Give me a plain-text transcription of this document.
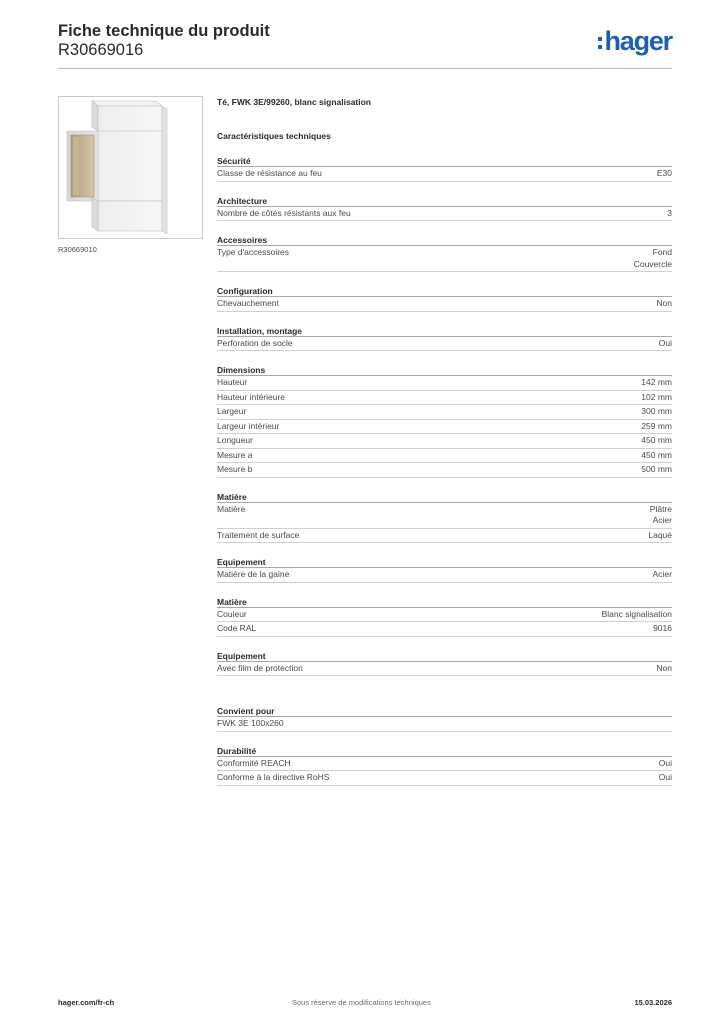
Fiche technique du produit
R30669016	hager
R30669010
Té, FWK 3E/99260, blanc signalisation
Caractéristiques techniques
Sécurité
Classe de résistance au feu	E30
Architecture
Nombre de côtés résistants aux feu	3
Accessoires
Type d'accessoires	Fond
Couvercle
Configuration
Chevauchement	Non
Installation, montage
Perforation de socle	Oui
Dimensions
Hauteur	142 mm
Hauteur intérieure	102 mm
Largeur	300 mm
Largeur intérieur	259 mm
Longueur	450 mm
Mesure a	450 mm
Mesure b	500 mm
Matière
Matière	Plâtre
Acier
Traitement de surface	Laqué
Equipement
Matière de la gaine	Acier
Matière
Couleur	Blanc signalisation
Code RAL	9016
Equipement
Avec film de protection	Non
Convient pour
FWK 3E 100x260
Durabilité
Conformité REACH	Oui
Conforme à la directive RoHS	Oui
hager.com/fr-ch	Sous réserve de modifications techniques	15.03.2026
